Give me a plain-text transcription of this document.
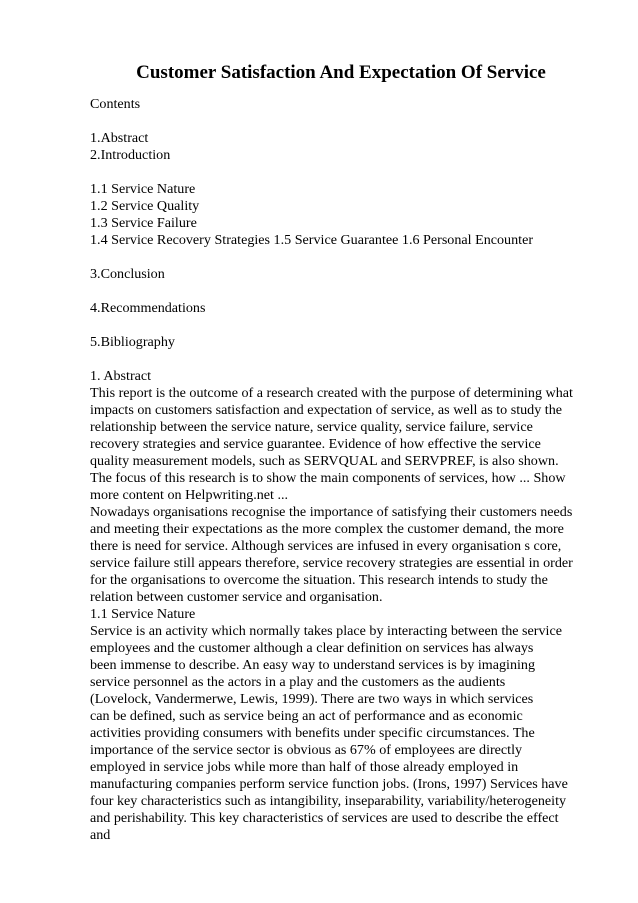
Customer Satisfaction And Expectation Of Service
Contents
1.Abstract
2.Introduction
1.1 Service Nature
1.2 Service Quality
1.3 Service Failure
1.4 Service Recovery Strategies 1.5 Service Guarantee 1.6 Personal Encounter
3.Conclusion
4.Recommendations
5.Bibliography
1. Abstract
This report is the outcome of a research created with the purpose of determining what
impacts on customers satisfaction and expectation of service, as well as to study the
relationship between the service nature, service quality, service failure, service
recovery strategies and service guarantee. Evidence of how effective the service
quality measurement models, such as SERVQUAL and SERVPREF, is also shown.
The focus of this research is to show the main components of services, how ... Show
more content on Helpwriting.net ...
Nowadays organisations recognise the importance of satisfying their customers needs
and meeting their expectations as the more complex the customer demand, the more
there is need for service. Although services are infused in every organisation s core,
service failure still appears therefore, service recovery strategies are essential in order
for the organisations to overcome the situation. This research intends to study the
relation between customer service and organisation.
1.1 Service Nature
Service is an activity which normally takes place by interacting between the service
employees and the customer although a clear definition on services has always
been immense to describe. An easy way to understand services is by imagining
service personnel as the actors in a play and the customers as the audients
(Lovelock, Vandermerwe, Lewis, 1999). There are two ways in which services
can be defined, such as service being an act of performance and as economic
activities providing consumers with benefits under specific circumstances. The
importance of the service sector is obvious as 67% of employees are directly
employed in service jobs while more than half of those already employed in
manufacturing companies perform service function jobs. (Irons, 1997) Services have
four key characteristics such as intangibility, inseparability, variability/heterogeneity
and perishability. This key characteristics of services are used to describe the effect
and
